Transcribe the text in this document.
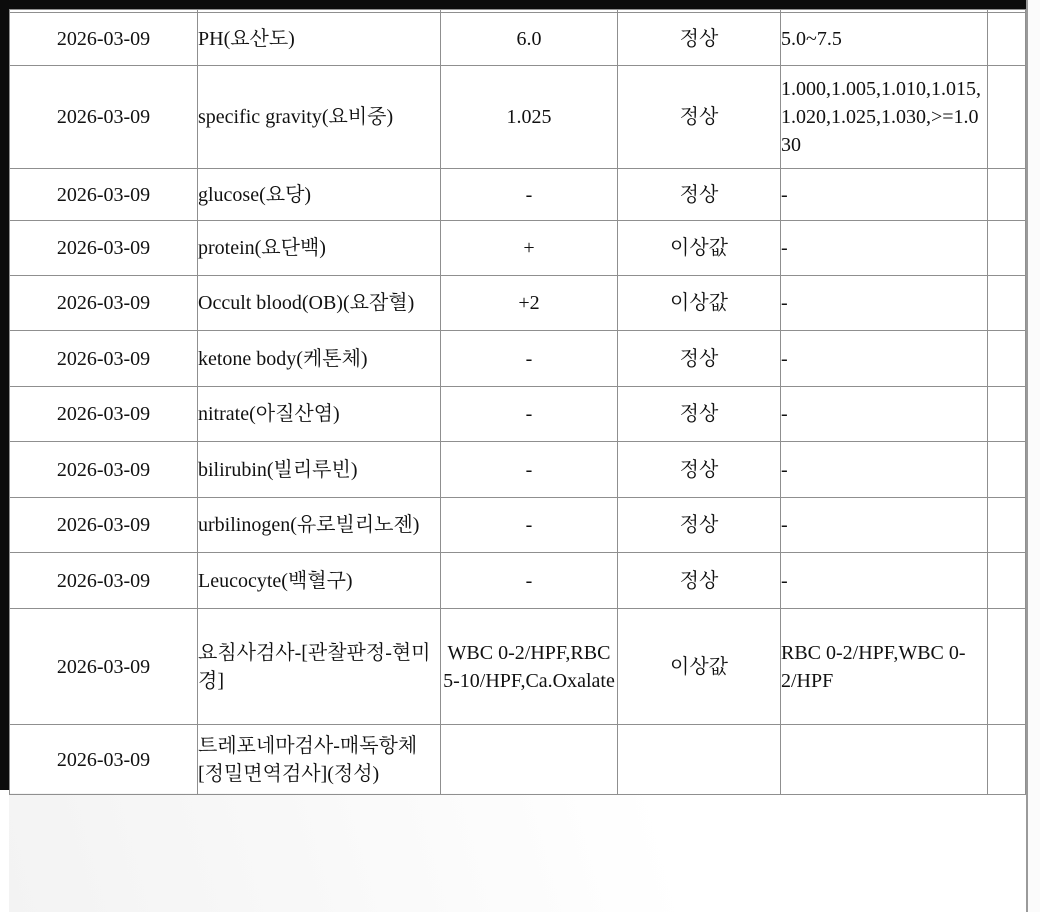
2026-03-09	PH(요산도)	6.0	정상	5.0~7.5	
2026-03-09	specific gravity(요비중)	1.025	정상	1.000,1.005,1.010,1.015,1.020,1.025,1.030,>=1.030	
2026-03-09	glucose(요당)	-	정상	-	
2026-03-09	protein(요단백)	+	이상값	-	
2026-03-09	Occult blood(OB)(요잠혈)	+2	이상값	-	
2026-03-09	ketone body(케톤체)	-	정상	-	
2026-03-09	nitrate(아질산염)	-	정상	-	
2026-03-09	bilirubin(빌리루빈)	-	정상	-	
2026-03-09	urbilinogen(유로빌리노젠)	-	정상	-	
2026-03-09	Leucocyte(백혈구)	-	정상	-	
2026-03-09	요침사검사-[관찰판정-현미경]	WBC 0-2/HPF,RBC 5-10/HPF,Ca.Oxalate	이상값	RBC 0-2/HPF,WBC 0-2/HPF	
2026-03-09	트레포네마검사-매독항체[정밀면역검사](정성)				
